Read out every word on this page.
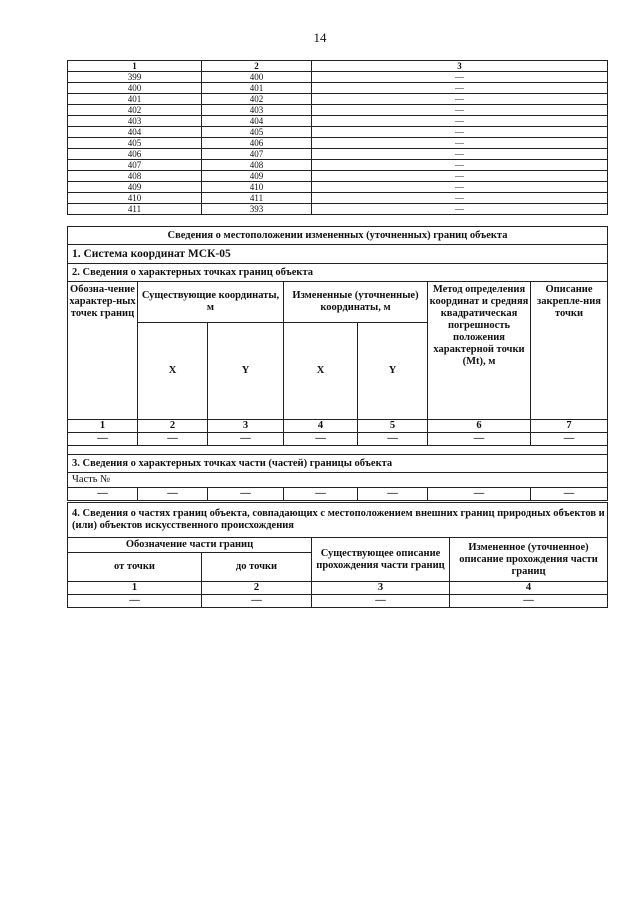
14
1	2	3
399	400	—
400	401	—
401	402	—
402	403	—
403	404	—
404	405	—
405	406	—
406	407	—
407	408	—
408	409	—
409	410	—
410	411	—
411	393	—
Сведения о местоположении измененных (уточненных) границ объекта						
1. Система координат МСК-05						
2. Сведения о характерных точках границ объекта						
Обозна-чение характер-ных точек границ	Существующие координаты, м		Измененные (уточненные) координаты, м		Метод определения координат и средняя квадратическая погрешность положения характерной точки (Mt), м	Описание закрепле-ния точки
	X	Y	X	Y		
1	2	3	4	5	6	7
—	—	—	—	—	—	—

3. Сведения о характерных точках части (частей) границы объекта						
Часть №						
—	—	—	—	—	—	—
4. Сведения о частях границ объекта, совпадающих с местоположением внешних границ природных объектов и (или) объектов искусственного происхождения			
Обозначение части границ		Существующее описание прохождения части границ	Измененное (уточненное) описание прохождения части границ
от точки	до точки		
1	2	3	4
—	—	—	—
